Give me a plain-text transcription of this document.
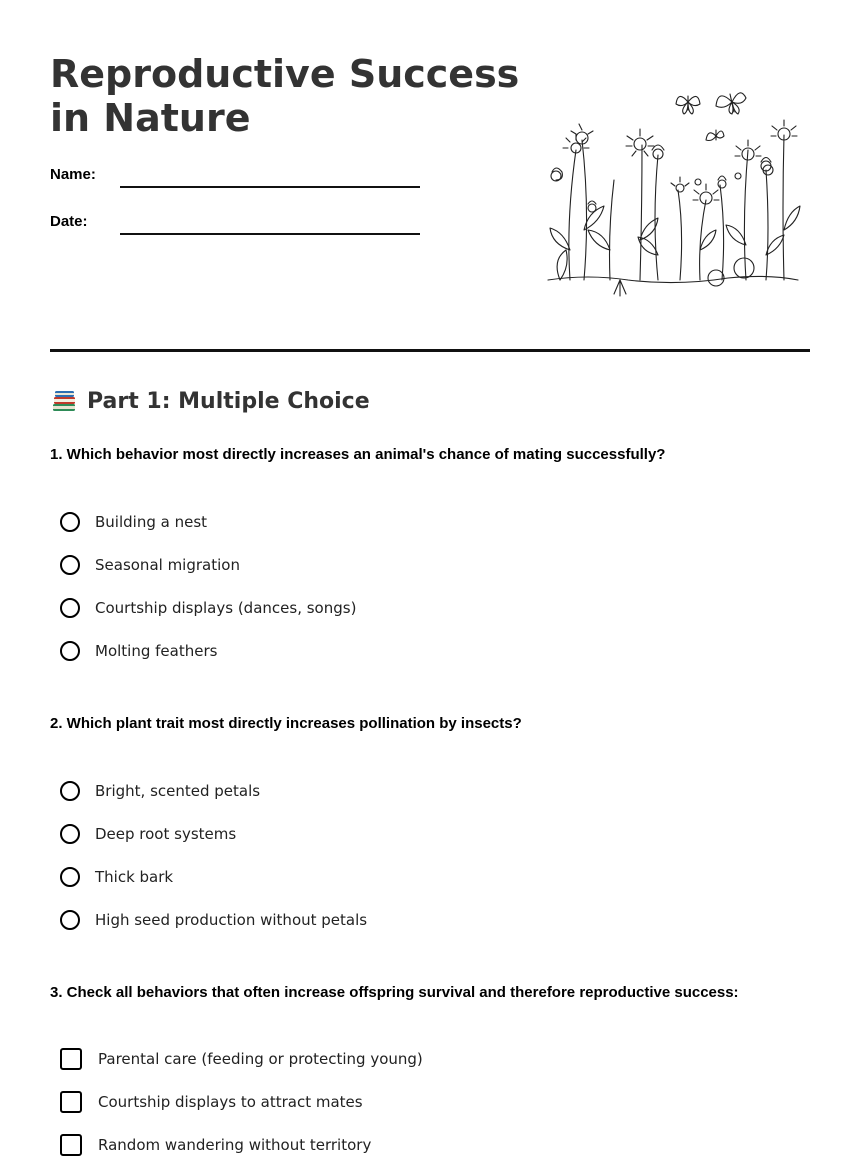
Reproductive Success in Nature
Name:
Date:
Part 1: Multiple Choice

1. Which behavior most directly increases an animal's chance of mating successfully?

Building a nest
Seasonal migration
Courtship displays (dances, songs)
Molting feathers

2. Which plant trait most directly increases pollination by insects?

Bright, scented petals
Deep root systems
Thick bark
High seed production without petals

3. Check all behaviors that often increase offspring survival and therefore reproductive success:

Parental care (feeding or protecting young)
Courtship displays to attract mates
Random wandering without territory
